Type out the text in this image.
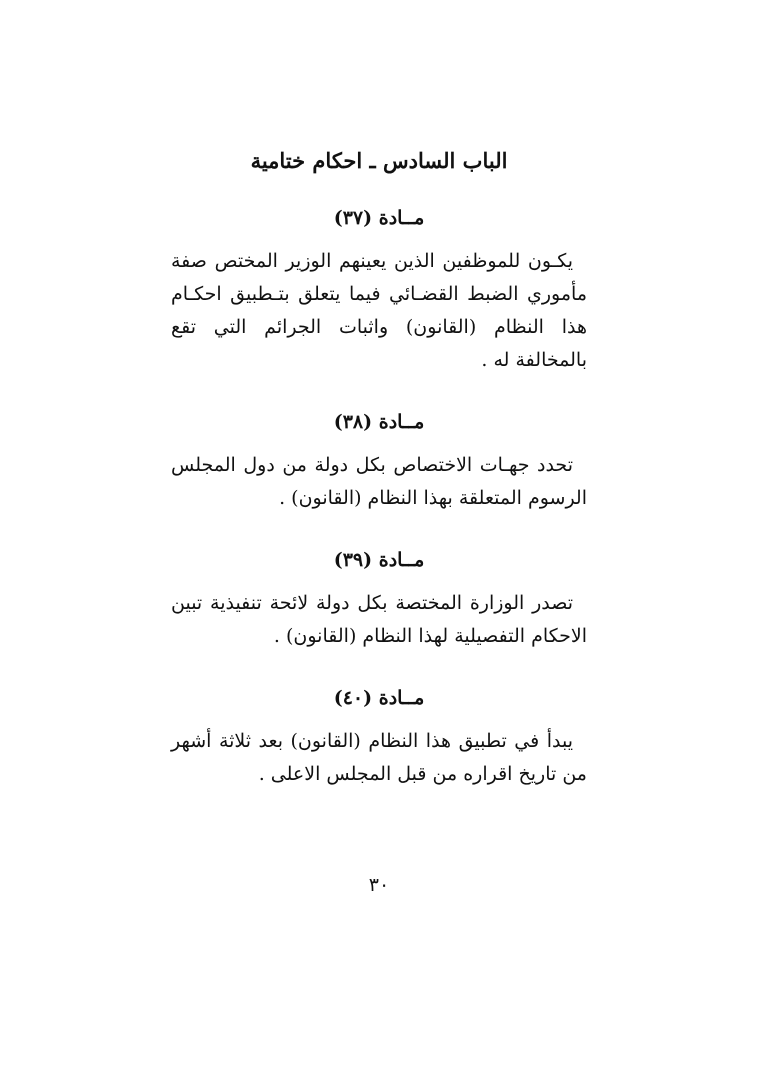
الباب السادس ـ احكام ختامية
مــادة (٣٧)

يكـون للموظفين الذين يعينهم الوزير المختص صفة مأموري الضبط القضـائي فيما يتعلق بتـطبيق احكـام هذا النظام (القانون) واثبات الجرائم التي تقع بالمخالفة له .

مــادة (٣٨)

تحدد جهـات الاختصاص بكل دولة من دول المجلس الرسوم المتعلقة بهذا النظام (القانون) .

مــادة (٣٩)

تصدر الوزارة المختصة بكل دولة لائحة تنفيذية تبين الاحكام التفصيلية لهذا النظام (القانون) .

مــادة (٤٠)

يبدأ في تطبيق هذا النظام (القانون) بعد ثلاثة أشهر من تاريخ اقراره من قبل المجلس الاعلى .

٣٠
